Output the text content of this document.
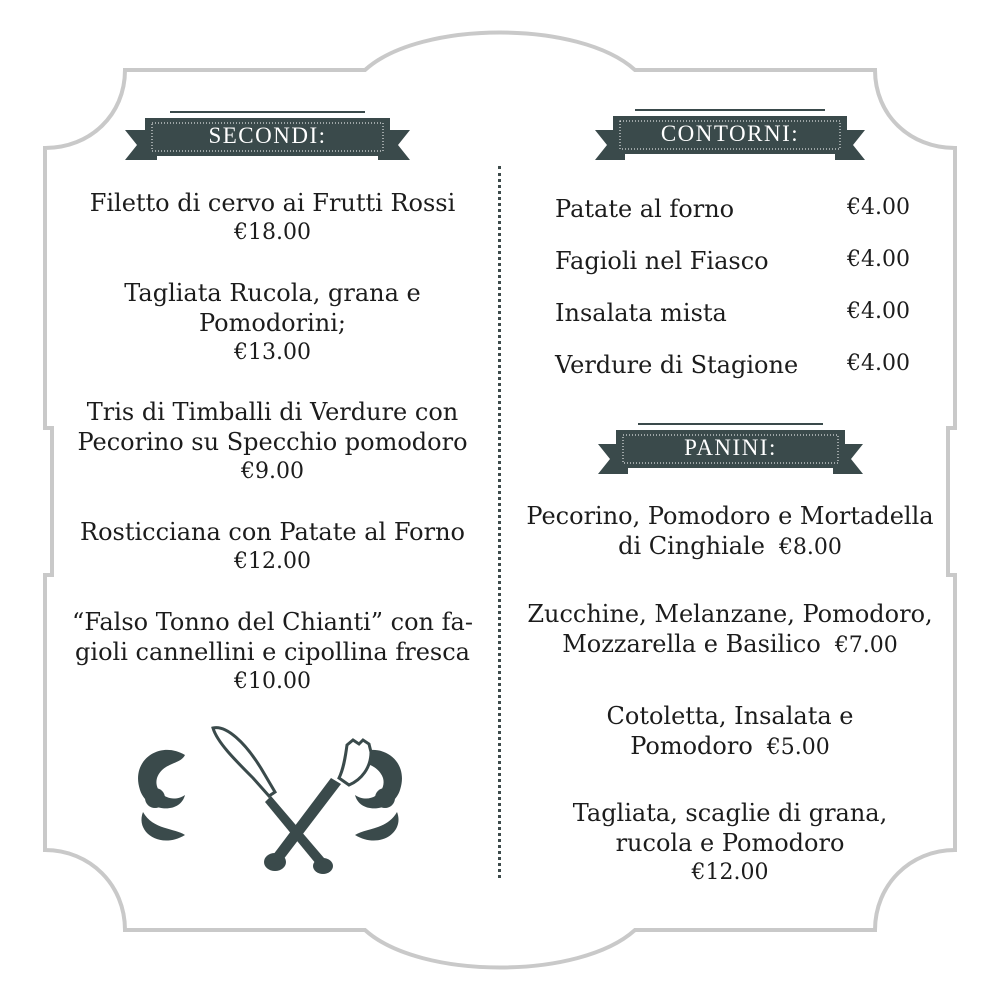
SECONDI:
Filetto di cervo ai Frutti Rossi
€18.00
Tagliata Rucola, grana e
Pomodorini;
€13.00
Tris di Timballi di Verdure con
Pecorino su Specchio pomodoro
€9.00
Rosticciana con Patate al Forno
€12.00
“Falso Tonno del Chianti” con fa-
gioli cannellini e cipollina fresca
€10.00
CONTORNI:
Patate al forno	€4.00
Fagioli nel Fiasco	€4.00
Insalata mista	€4.00
Verdure di Stagione €4.00
PANINI:
Pecorino, Pomodoro e Mortadella
di Cinghiale €8.00
Zucchine, Melanzane, Pomodoro,
Mozzarella e Basilico €7.00
Cotoletta, Insalata e
Pomodoro €5.00
Tagliata, scaglie di grana,
rucola e Pomodoro
€12.00
